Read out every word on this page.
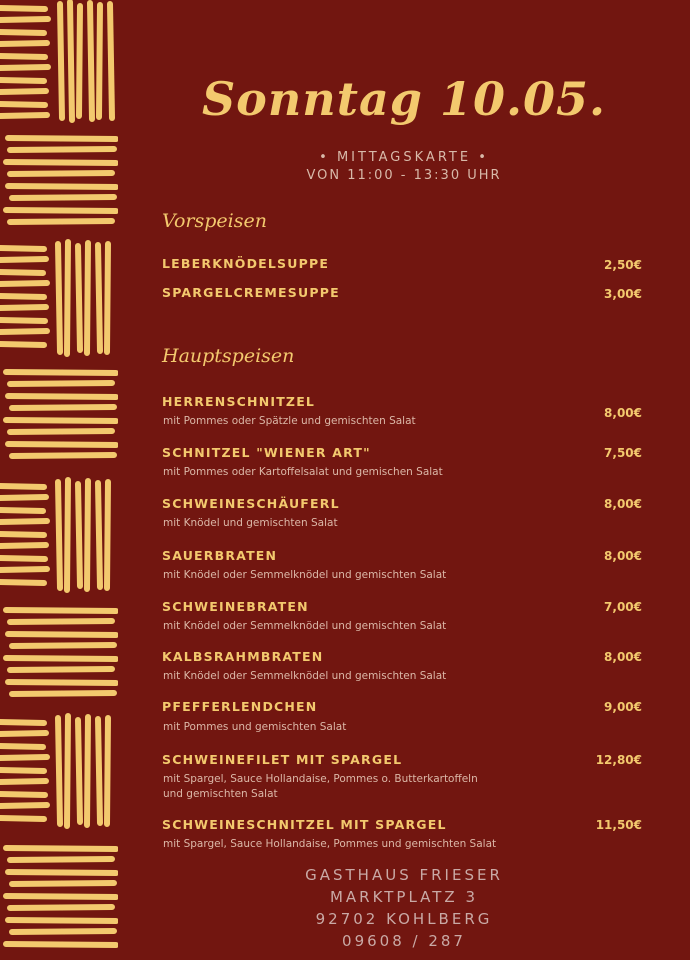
Sonntag 10.05.
• MITTAGSKARTE •
VON 11:00 - 13:30 UHR
Vorspeisen
LEBERKNÖDELSUPPE	2,50€
SPARGELCREMESUPPE	3,00€
Hauptspeisen
HERRENSCHNITZEL
mit Pommes oder Spätzle und gemischten Salat
8,00€
SCHNITZEL "WIENER ART"
mit Pommes oder Kartoffelsalat und gemischen Salat
7,50€
SCHWEINESCHÄUFERL
mit Knödel und gemischten Salat
8,00€
SAUERBRATEN
mit Knödel oder Semmelknödel und gemischten Salat
8,00€
SCHWEINEBRATEN
mit Knödel oder Semmelknödel und gemischten Salat
7,00€
KALBSRAHMBRATEN
mit Knödel oder Semmelknödel und gemischten Salat
8,00€
PFEFFERLENDCHEN
mit Pommes und gemischten Salat
9,00€
SCHWEINEFILET MIT SPARGEL
mit Spargel, Sauce Hollandaise, Pommes o. Butterkartoffeln und gemischten Salat
12,80€
SCHWEINESCHNITZEL MIT SPARGEL
mit Spargel, Sauce Hollandaise, Pommes und gemischten Salat
11,50€
GASTHAUS FRIESER
MARKTPLATZ 3
92702 KOHLBERG
09608 / 287
